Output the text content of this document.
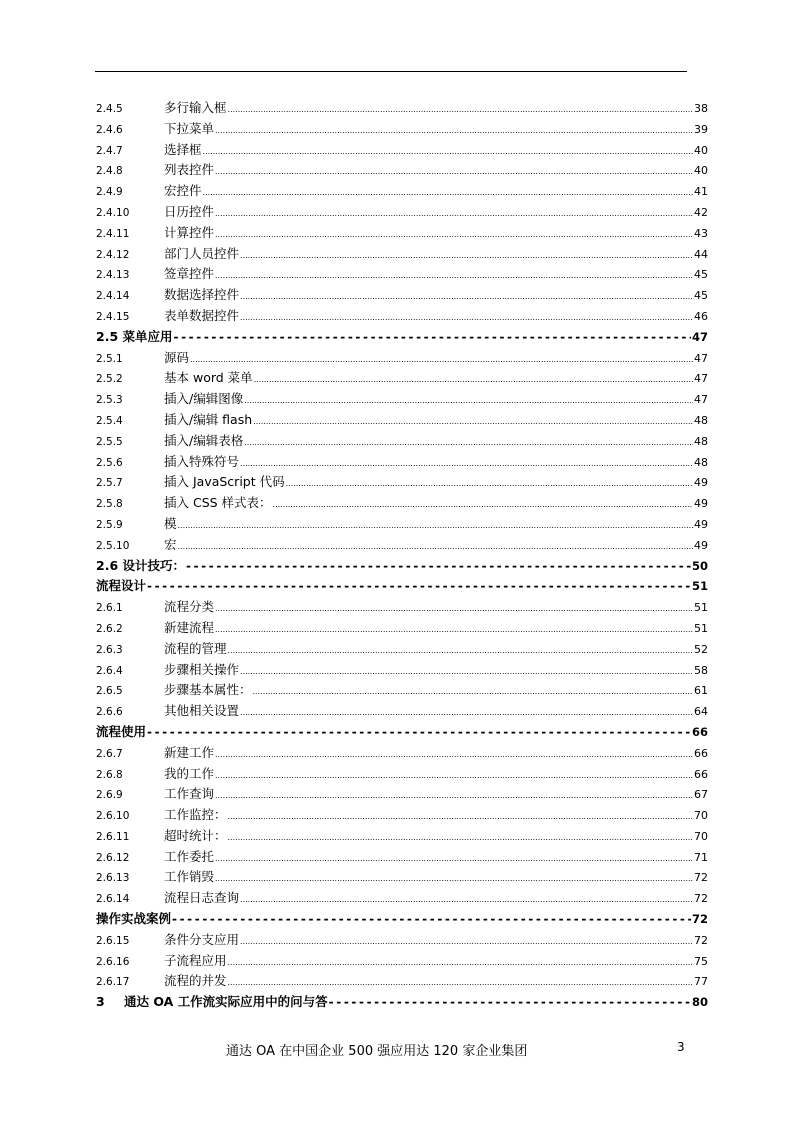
2.4.5	多行输入框 .....	38
2.4.6	下拉菜单 .....	39
2.4.7	选择框 .....	40
2.4.8	列表控件 .....	40
2.4.9	宏控件 .....	41
2.4.10	日历控件 .....	42
2.4.11	计算控件 .....	43
2.4.12	部门人员控件 .....	44
2.4.13	签章控件 .....	45
2.4.14	数据选择控件 .....	45
2.4.15	表单数据控件 .....	46
2.5 菜单应用 -----	47
2.5.1	源码 .....	47
2.5.2	基本 word 菜单 .....	47
2.5.3	插入/编辑图像 .....	47
2.5.4	插入/编辑 flash .....	48
2.5.5	插入/编辑表格 .....	48
2.5.6	插入特殊符号 .....	48
2.5.7	插入 JavaScript 代码 .....	49
2.5.8	插入 CSS 样式表： .....	49
2.5.9	模 .....	49
2.5.10	宏 .....	49
2.6 设计技巧： -----	50
流程设计 -----	51
2.6.1	流程分类 .....	51
2.6.2	新建流程 .....	51
2.6.3	流程的管理 .....	52
2.6.4	步骤相关操作 .....	58
2.6.5	步骤基本属性： .....	61
2.6.6	其他相关设置 .....	64
流程使用 -----	66
2.6.7	新建工作 .....	66
2.6.8	我的工作 .....	66
2.6.9	工作查询 .....	67
2.6.10	工作监控： .....	70
2.6.11	超时统计： .....	70
2.6.12	工作委托 .....	71
2.6.13	工作销毁 .....	72
2.6.14	流程日志查询 .....	72
操作实战案例 -----	72
2.6.15	条件分支应用 .....	72
2.6.16	子流程应用 .....	75
2.6.17	流程的并发 .....	77
3	通达 OA 工作流实际应用中的问与答 -----	80
通达 OA 在中国企业 500 强应用达 120 家企业集团	3
